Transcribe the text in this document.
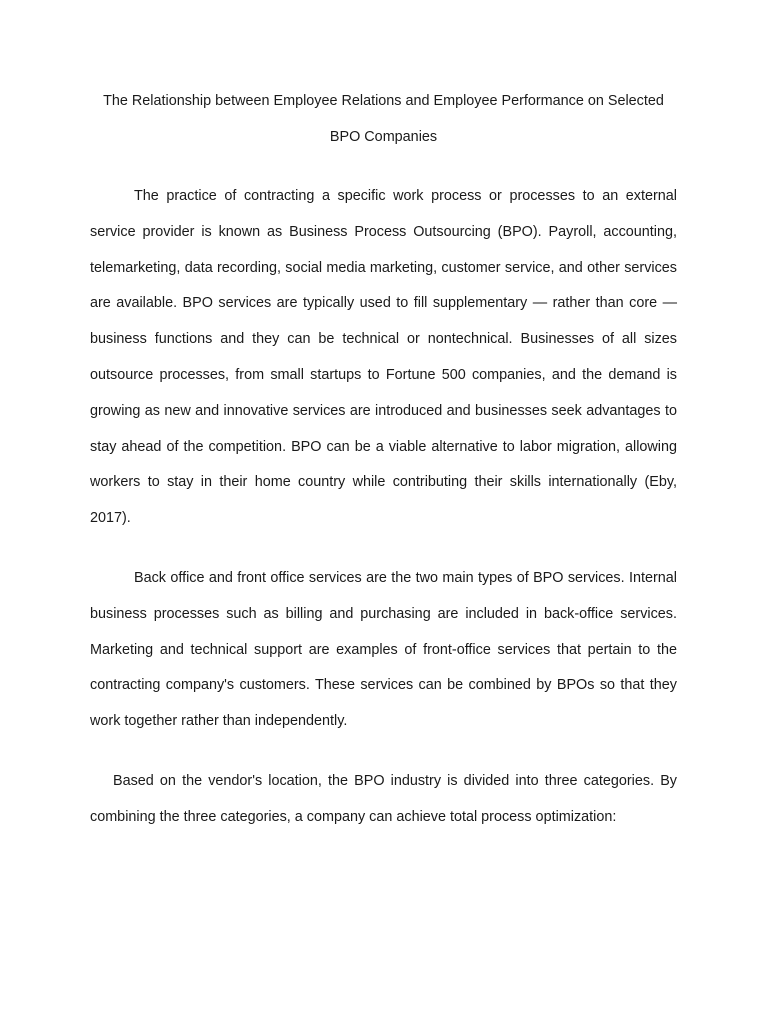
The Relationship between Employee Relations and Employee Performance on Selected
BPO Companies

The practice of contracting a specific work process or processes to an external service provider is known as Business Process Outsourcing (BPO). Payroll, accounting, telemarketing, data recording, social media marketing, customer service, and other services are available. BPO services are typically used to fill supplementary — rather than core — business functions and they can be technical or nontechnical. Businesses of all sizes outsource processes, from small startups to Fortune 500 companies, and the demand is growing as new and innovative services are introduced and businesses seek advantages to stay ahead of the competition. BPO can be a viable alternative to labor migration, allowing workers to stay in their home country while contributing their skills internationally (Eby, 2017).

Back office and front office services are the two main types of BPO services. Internal business processes such as billing and purchasing are included in back-office services. Marketing and technical support are examples of front-office services that pertain to the contracting company's customers. These services can be combined by BPOs so that they work together rather than independently.

Based on the vendor's location, the BPO industry is divided into three categories. By combining the three categories, a company can achieve total process optimization:
